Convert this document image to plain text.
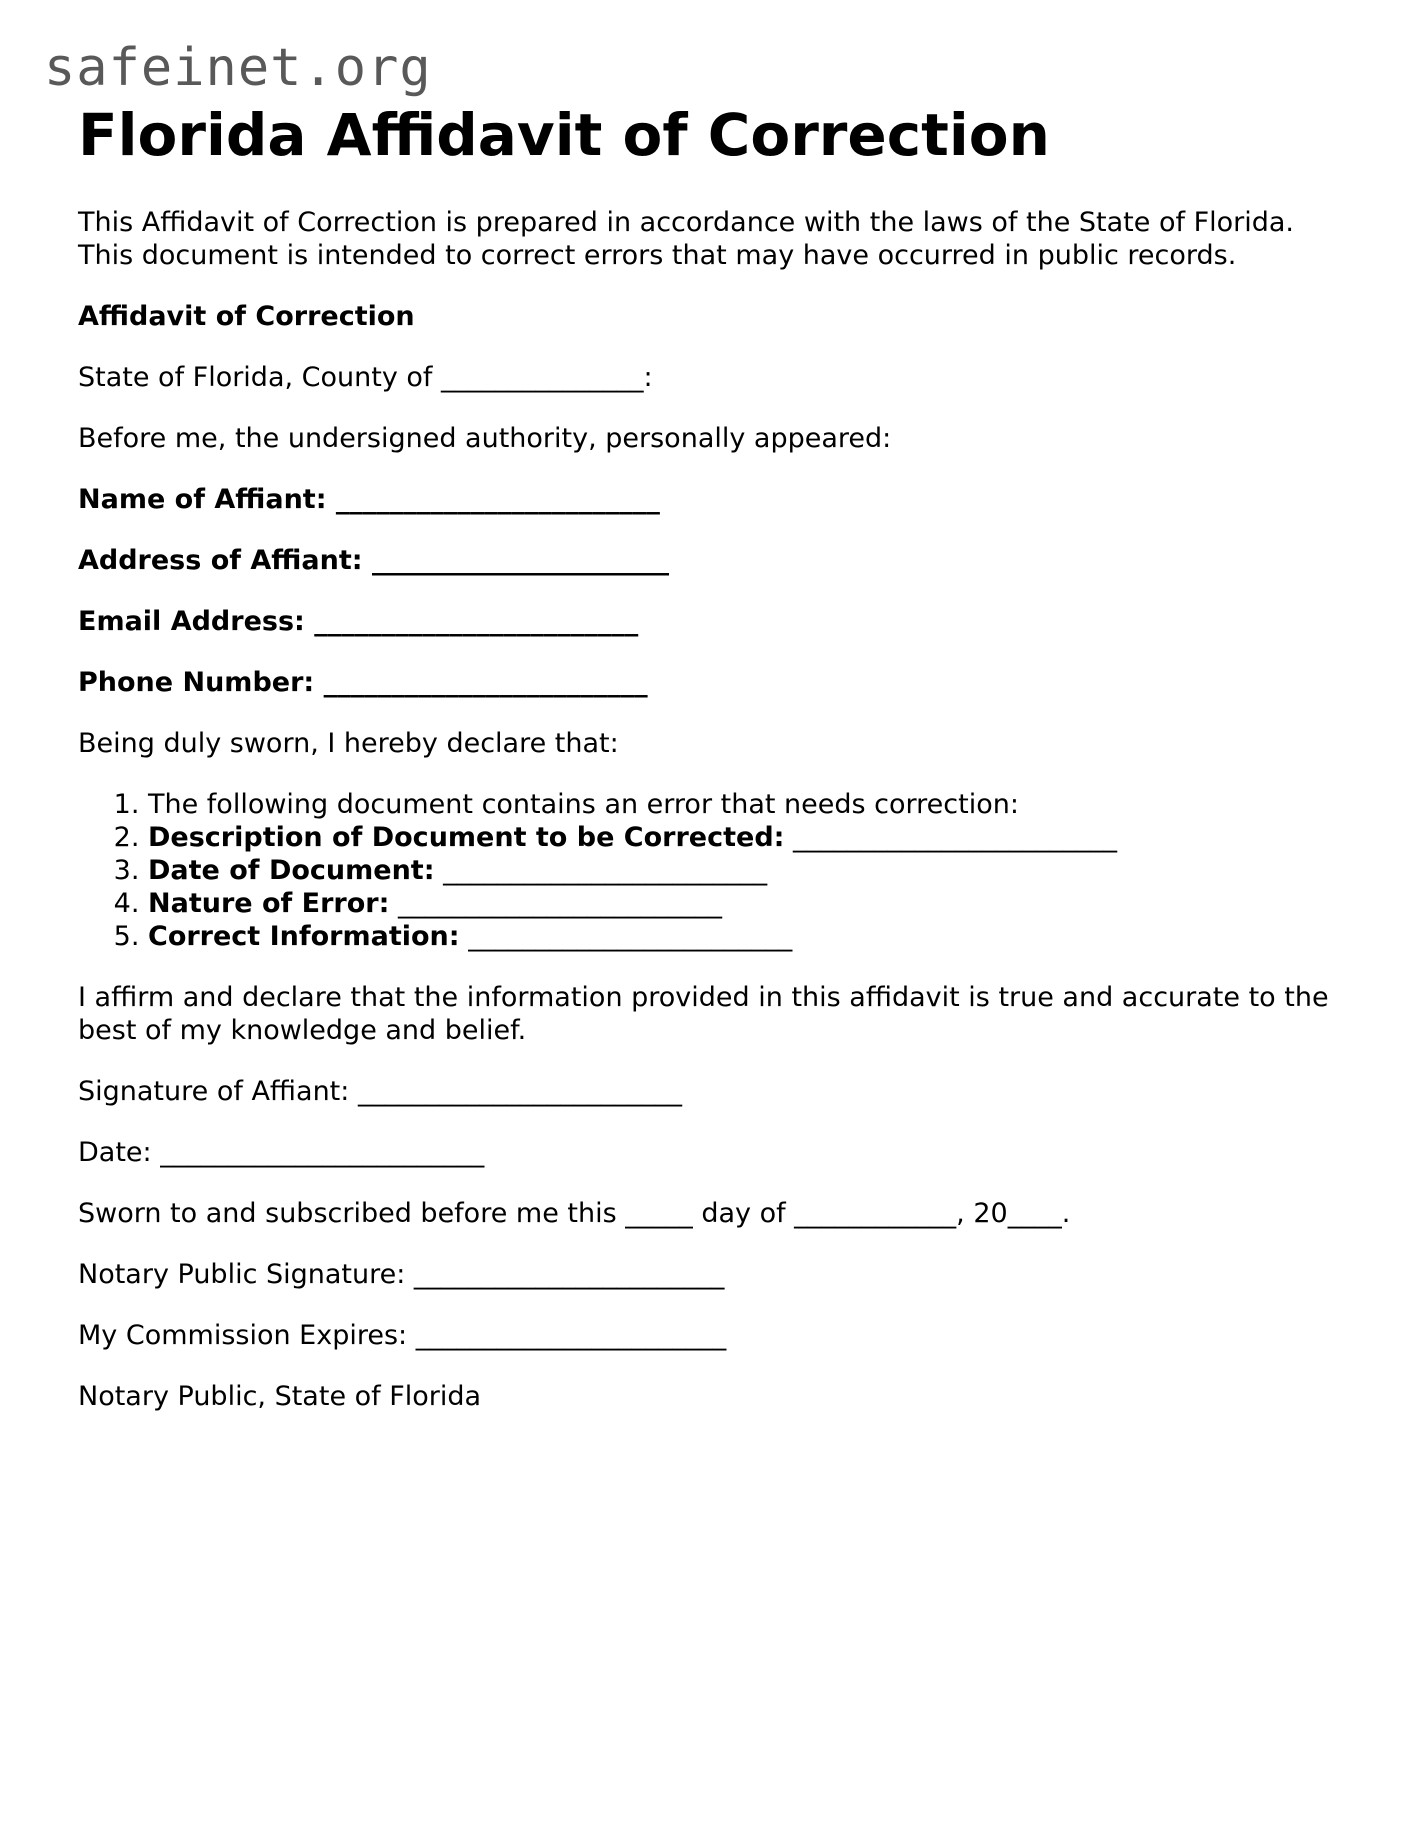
safeinet.org
Florida Affidavit of Correction

This Affidavit of Correction is prepared in accordance with the laws of the State of Florida. This document is intended to correct errors that may have occurred in public records.

Affidavit of Correction

State of Florida, County of _______________:

Before me, the undersigned authority, personally appeared:

Name of Affiant: ________________________

Address of Affiant: ______________________

Email Address: ________________________

Phone Number: ________________________

Being duly sworn, I hereby declare that:

1. The following document contains an error that needs correction:
2. Description of Document to be Corrected: ________________________
3. Date of Document: ________________________
4. Nature of Error: ________________________
5. Correct Information: ________________________

I affirm and declare that the information provided in this affidavit is true and accurate to the best of my knowledge and belief.

Signature of Affiant: ________________________

Date: ________________________

Sworn to and subscribed before me this _____ day of ____________, 20____.

Notary Public Signature: _______________________

My Commission Expires: _______________________

Notary Public, State of Florida
